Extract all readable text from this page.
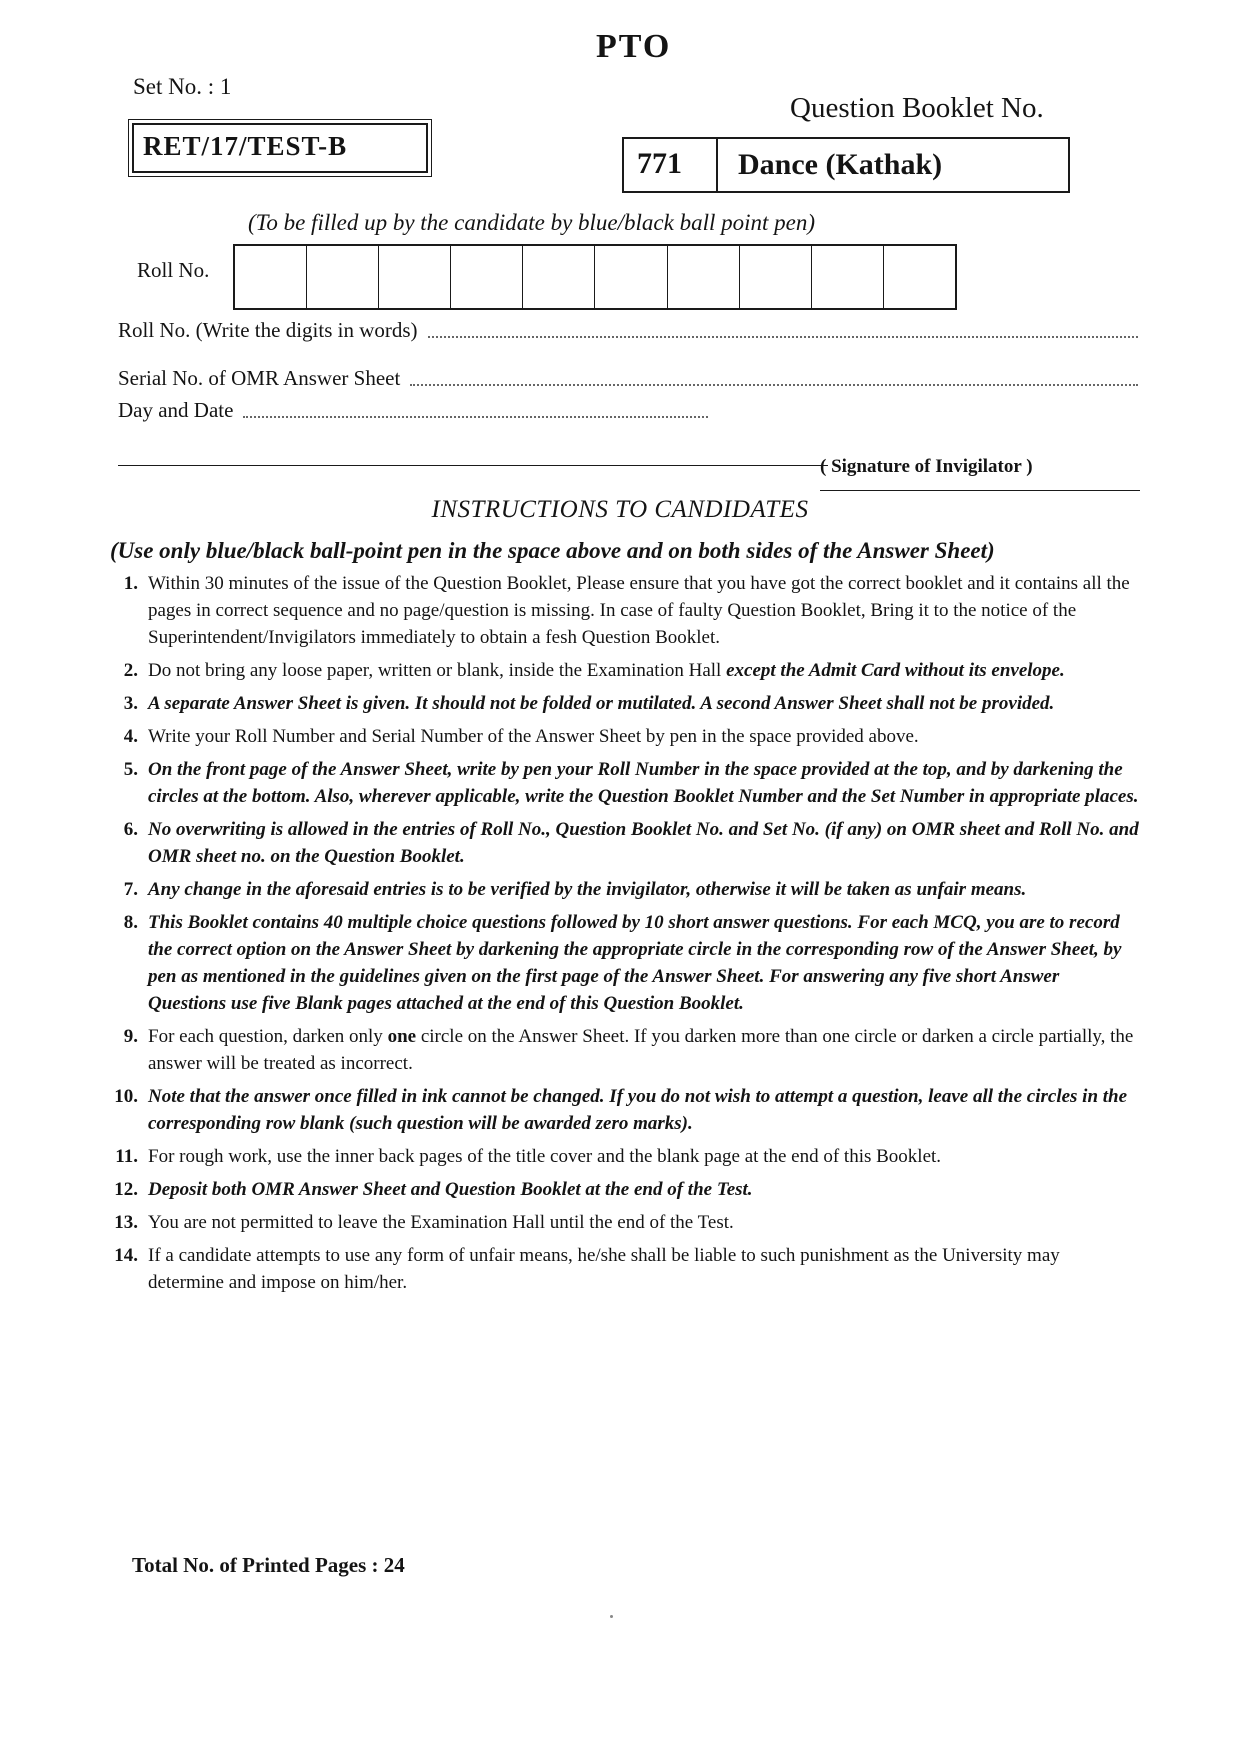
PTO
Set No. : 1
Question Booklet No.
RET/17/TEST-B
771	Dance (Kathak)
(To be filled up by the candidate by blue/black ball point pen)
Roll No.
Roll No. (Write the digits in words)
Serial No. of OMR Answer Sheet
Day and Date
( Signature of Invigilator )
INSTRUCTIONS TO CANDIDATES
(Use only blue/black ball-point pen in the space above and on both sides of the Answer Sheet)
1. Within 30 minutes of the issue of the Question Booklet, Please ensure that you have got the correct booklet and it contains all the pages in correct sequence and no page/question is missing. In case of faulty Question Booklet, Bring it to the notice of the Superintendent/Invigilators immediately to obtain a fesh Question Booklet.
2. Do not bring any loose paper, written or blank, inside the Examination Hall except the Admit Card without its envelope.
3. A separate Answer Sheet is given. It should not be folded or mutilated. A second Answer Sheet shall not be provided.
4. Write your Roll Number and Serial Number of the Answer Sheet by pen in the space provided above.
5. On the front page of the Answer Sheet, write by pen your Roll Number in the space provided at the top, and by darkening the circles at the bottom. Also, wherever applicable, write the Question Booklet Number and the Set Number in appropriate places.
6. No overwriting is allowed in the entries of Roll No., Question Booklet No. and Set No. (if any) on OMR sheet and Roll No. and OMR sheet no. on the Question Booklet.
7. Any change in the aforesaid entries is to be verified by the invigilator, otherwise it will be taken as unfair means.
8. This Booklet contains 40 multiple choice questions followed by 10 short answer questions. For each MCQ, you are to record the correct option on the Answer Sheet by darkening the appropriate circle in the corresponding row of the Answer Sheet, by pen as mentioned in the guidelines given on the first page of the Answer Sheet. For answering any five short Answer Questions use five Blank pages attached at the end of this Question Booklet.
9. For each question, darken only one circle on the Answer Sheet. If you darken more than one circle or darken a circle partially, the answer will be treated as incorrect.
10. Note that the answer once filled in ink cannot be changed. If you do not wish to attempt a question, leave all the circles in the corresponding row blank (such question will be awarded zero marks).
11. For rough work, use the inner back pages of the title cover and the blank page at the end of this Booklet.
12. Deposit both OMR Answer Sheet and Question Booklet at the end of the Test.
13. You are not permitted to leave the Examination Hall until the end of the Test.
14. If a candidate attempts to use any form of unfair means, he/she shall be liable to such punishment as the University may determine and impose on him/her.
Total No. of Printed Pages : 24
